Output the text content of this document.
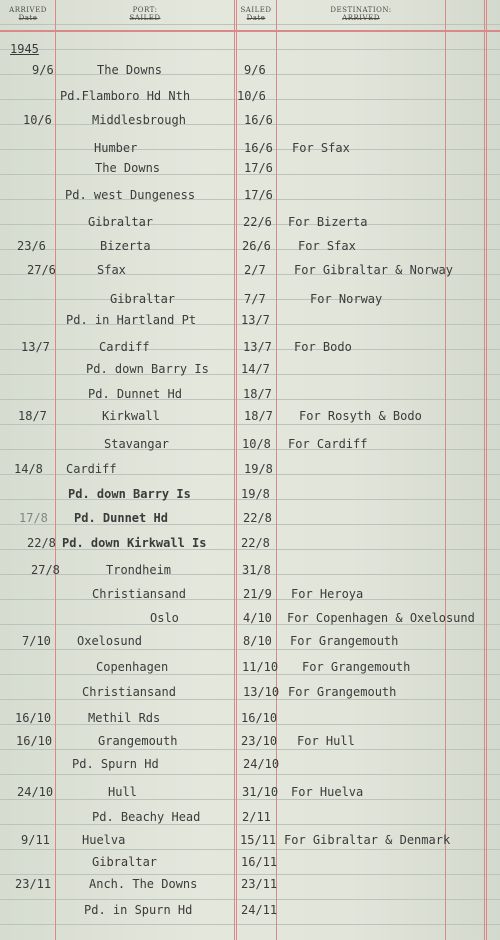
ARRIVED
Date
PORT:
SAILED
SAILED
Date
DESTINATION:
ARRIVED
1945
9/6	The Downs	9/6
Pd.Flamboro Hd Nth	10/6
10/6	Middlesbrough	16/6
Humber	16/6 For Sfax
The Downs	17/6
Pd. west Dungeness	17/6
Gibraltar	22/6 For Bizerta
23/6	Bizerta	26/6 For Sfax
27/6	Sfax	2/7 For Gibraltar & Norway
Gibraltar	7/7	For Norway
Pd. in Hartland Pt	13/7
13/7	Cardiff	13/7 For Bodo
Pd. down Barry Is	14/7
Pd. Dunnet Hd	18/7
18/7	Kirkwall	18/7 For Rosyth & Bodo
Stavangar	10/8 For Cardiff
14/8 Cardiff	19/8
Pd. down Barry Is	19/8
17/8 Pd. Dunnet Hd	22/8
22/8 Pd. down Kirkwall Is	22/8
27/8	Trondheim	31/8
Christiansand	21/9 For Heroya
Oslo	4/10 For Copenhagen & Oxelosund
7/10 Oxelosund	8/10 For Grangemouth
Copenhagen	11/10 For Grangemouth
Christiansand	13/10 For Grangemouth
16/10	Methil Rds	16/10
16/10	Grangemouth	23/10 For Hull
Pd. Spurn Hd	24/10
24/10	Hull	31/10 For Huelva
Pd. Beachy Head	2/11
9/11	Huelva	15/11 For Gibraltar & Denmark
Gibraltar	16/11
23/11	Anch. The Downs	23/11
Pd. in Spurn Hd	24/11
